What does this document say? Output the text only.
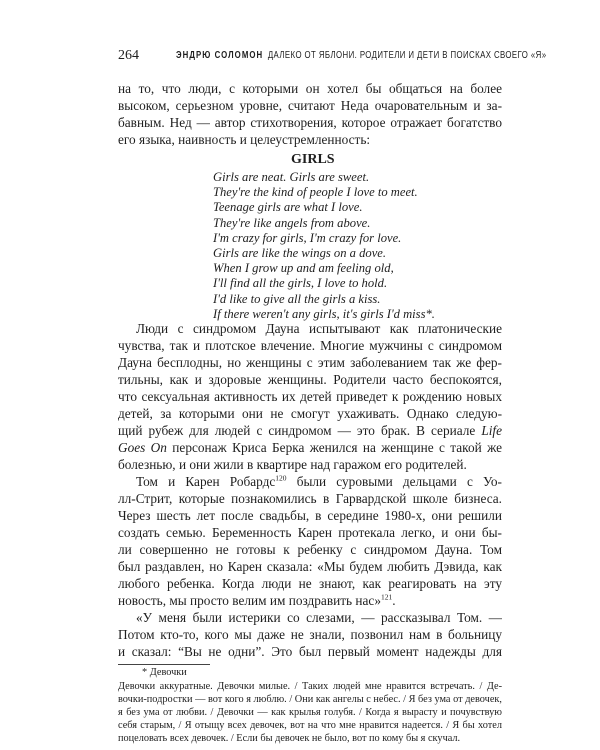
264	ЭНДРЮ СОЛОМОН ДАЛЕКО ОТ ЯБЛОНИ. РОДИТЕЛИ И ДЕТИ В ПОИСКАХ СВОЕГО «Я»
на то, что люди, с которыми он хотел бы общаться на более
высоком, серьезном уровне, считают Неда очаровательным и за-
бавным. Нед — автор стихотворения, которое отражает богатство
его языка, наивность и целеустремленность:
GIRLS
Girls are neat. Girls are sweet.
They're the kind of people I love to meet.
Teenage girls are what I love.
They're like angels from above.
I'm crazy for girls, I'm crazy for love.
Girls are like the wings on a dove.
When I grow up and am feeling old,
I'll find all the girls, I love to hold.
I'd like to give all the girls a kiss.
If there weren't any girls, it's girls I'd miss*.
Люди с синдромом Дауна испытывают как платонические
чувства, так и плотское влечение. Многие мужчины с синдромом
Дауна бесплодны, но женщины с этим заболеванием так же фер-
тильны, как и здоровые женщины. Родители часто беспокоятся,
что сексуальная активность их детей приведет к рождению новых
детей, за которыми они не смогут ухаживать. Однако следую-
щий рубеж для людей с синдромом — это брак. В сериале Life
Goes On персонаж Криса Берка женился на женщине с такой же
болезнью, и они жили в квартире над гаражом его родителей.
Том и Карен Робардс$^{120}$ были суровыми дельцами с Уо-
лл-Стрит, которые познакомились в Гарвардской школе бизнеса.
Через шесть лет после свадьбы, в середине 1980-х, они решили
создать семью. Беременность Карен протекала легко, и они бы-
ли совершенно не готовы к ребенку с синдромом Дауна. Том
был раздавлен, но Карен сказала: «Мы будем любить Дэвида, как
любого ребенка. Когда люди не знают, как реагировать на эту
новость, мы просто велим им поздравить нас»$^{121}$.
«У меня были истерики со слезами, — рассказывал Том. —
Потом кто-то, кого мы даже не знали, позвонил нам в больницу
и сказал: “Вы не одни”. Это был первый момент надежды для
* Девочки
Девочки аккуратные. Девочки милые. / Таких людей мне нравится встречать. / Де-
вочки-подростки — вот кого я люблю. / Они как ангелы с небес. / Я без ума от девочек,
я без ума от любви. / Девочки — как крылья голубя. / Когда я вырасту и почувствую
себя старым, / Я отыщу всех девочек, вот на что мне нравится надеется. / Я бы хотел
поцеловать всех девочек. / Если бы девочек не было, вот по кому бы я скучал.
